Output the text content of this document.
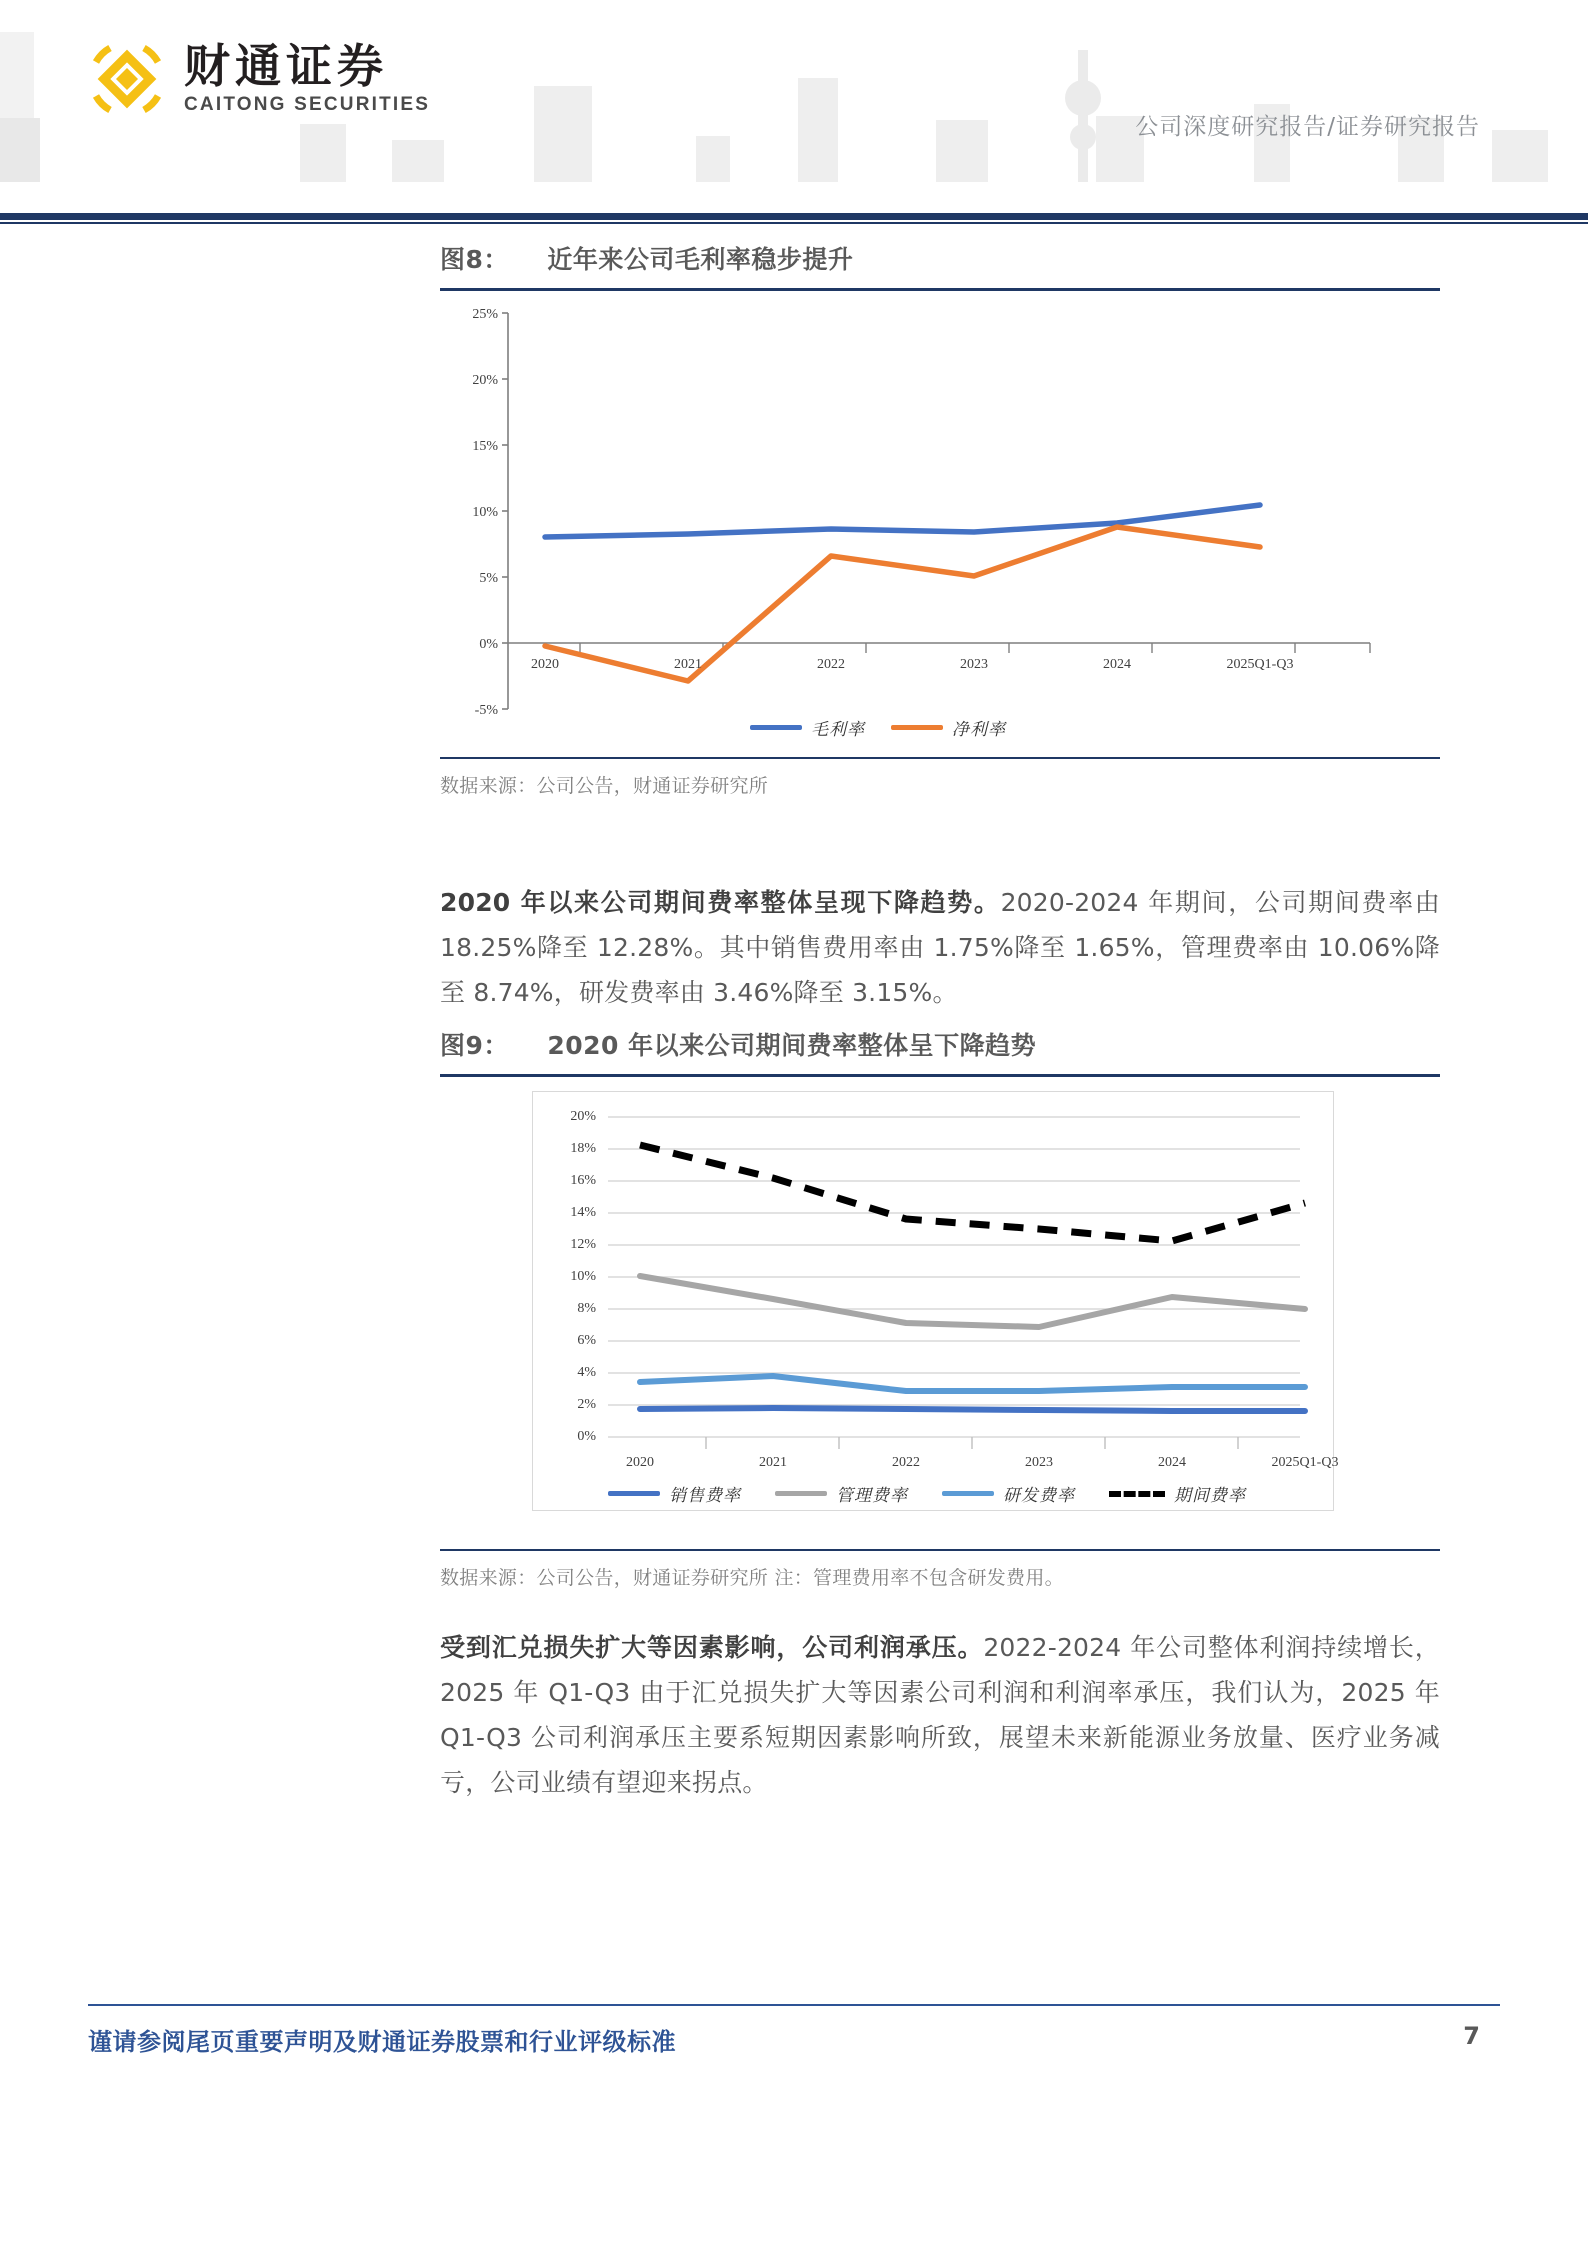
财通证券
CAITONG SECURITIES
公司深度研究报告/证券研究报告
图8： 近年来公司毛利率稳步提升
25%
20%
15%
10%
5%
0%
-5%
2020	2021	2022	2023	2024	2025Q1-Q3
毛利率	净利率
数据来源：公司公告，财通证券研究所
2020 年以来公司期间费率整体呈现下降趋势。2020-2024 年期间，公司期间费率由 18.25%降至 12.28%。其中销售费用率由 1.75%降至 1.65%，管理费率由 10.06%降至 8.74%，研发费率由 3.46%降至 3.15%。
图9： 2020 年以来公司期间费率整体呈下降趋势
20%
18%
16%
14%
12%
10%
8%
6%
4%
2%
0%
2020	2021	2022	2023	2024	2025Q1-Q3
销售费率	管理费率	研发费率	期间费率
数据来源：公司公告，财通证券研究所 注：管理费用率不包含研发费用。
受到汇兑损失扩大等因素影响，公司利润承压。2022-2024 年公司整体利润持续增长，2025 年 Q1-Q3 由于汇兑损失扩大等因素公司利润和利润率承压，我们认为，2025 年 Q1-Q3 公司利润承压主要系短期因素影响所致，展望未来新能源业务放量、医疗业务减亏，公司业绩有望迎来拐点。
谨请参阅尾页重要声明及财通证券股票和行业评级标准	7
